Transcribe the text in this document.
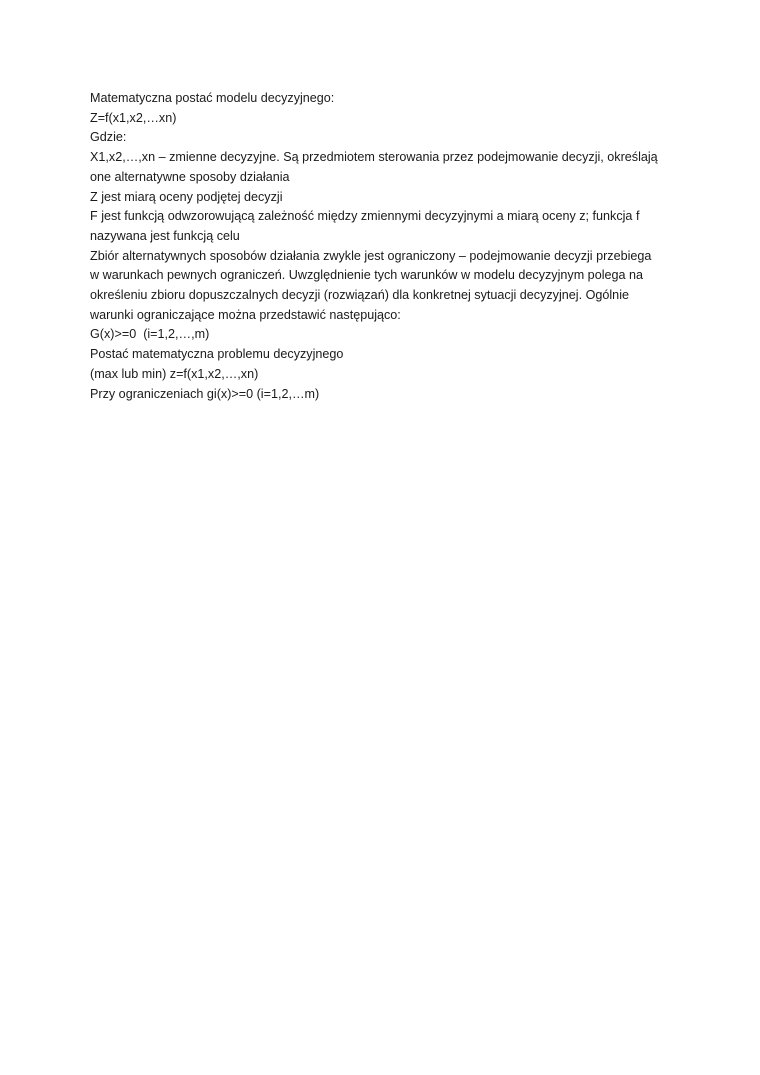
Matematyczna postać modelu decyzyjnego:

Z=f(x1,x2,…xn)

Gdzie:

X1,x2,…,xn – zmienne decyzyjne. Są przedmiotem sterowania przez podejmowanie decyzji, określają

one alternatywne sposoby działania

Z jest miarą oceny podjętej decyzji

F jest funkcją odwzorowującą zależność między zmiennymi decyzyjnymi a miarą oceny z; funkcja f

nazywana jest funkcją celu

Zbiór alternatywnych sposobów działania zwykle jest ograniczony – podejmowanie decyzji przebiega

w warunkach pewnych ograniczeń. Uwzględnienie tych warunków w modelu decyzyjnym polega na

określeniu zbioru dopuszczalnych decyzji (rozwiązań) dla konkretnej sytuacji decyzyjnej. Ogólnie

warunki ograniczające można przedstawić następująco:

G(x)>=0  (i=1,2,…,m)

Postać matematyczna problemu decyzyjnego

(max lub min) z=f(x1,x2,…,xn)

Przy ograniczeniach gi(x)>=0 (i=1,2,…m)
